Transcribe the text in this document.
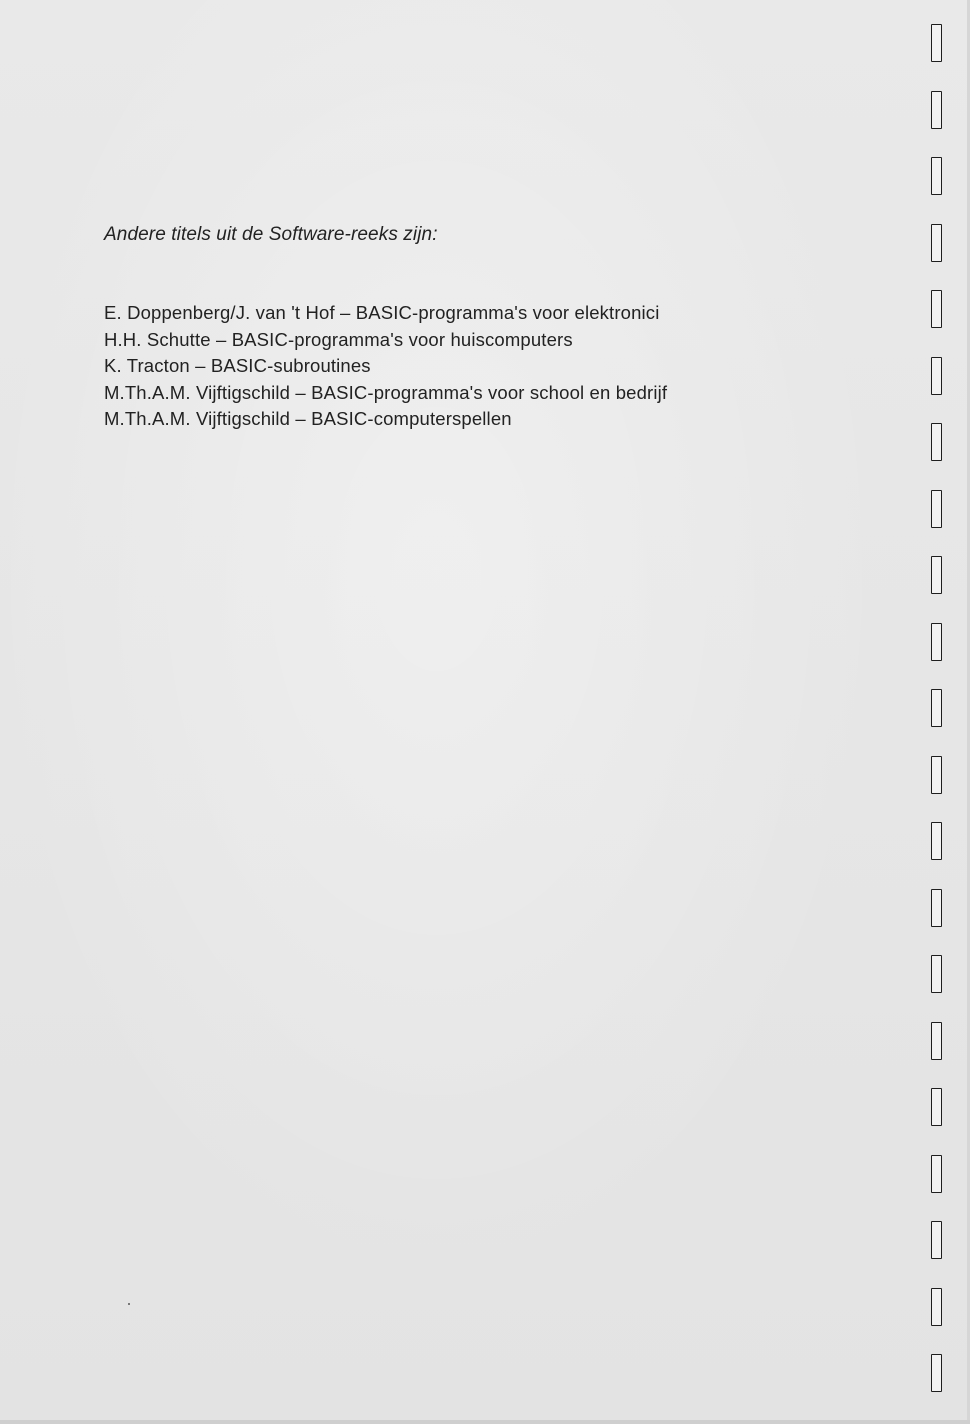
Andere titels uit de Software-reeks zijn:
E. Doppenberg/J. van 't Hof – BASIC-programma's voor elektronici
H.H. Schutte – BASIC-programma's voor huiscomputers
K. Tracton – BASIC-subroutines
M.Th.A.M. Vijftigschild – BASIC-programma's voor school en bedrijf
M.Th.A.M. Vijftigschild – BASIC-computerspellen
